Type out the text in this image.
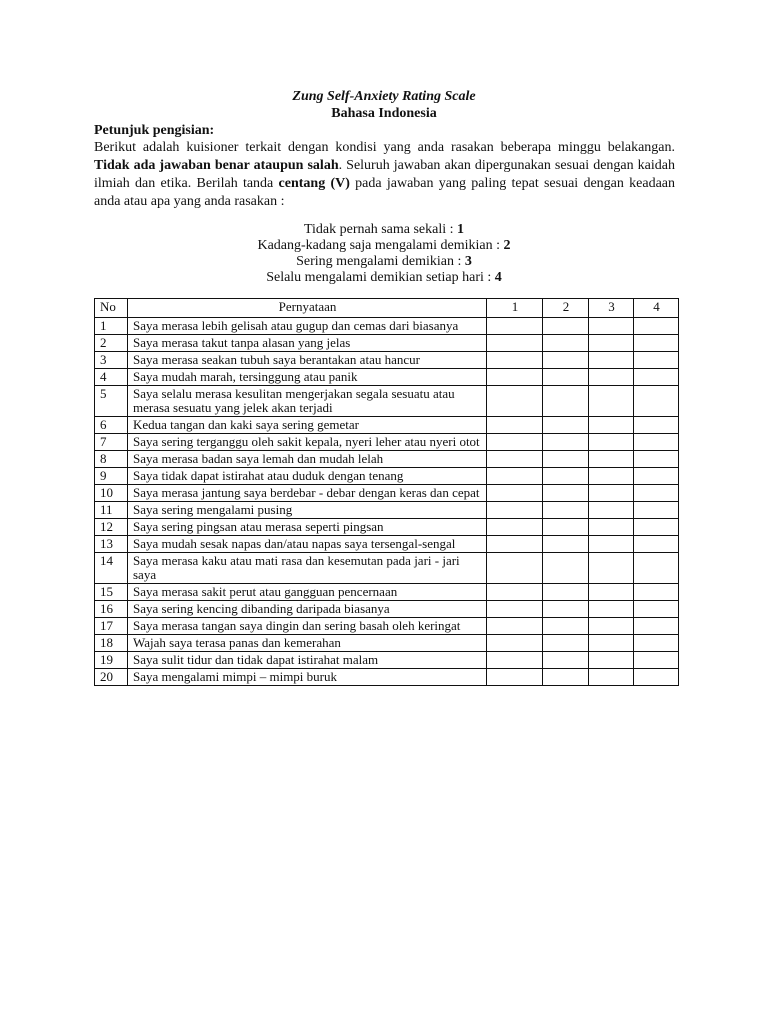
Zung Self-Anxiety Rating Scale
Bahasa Indonesia
Petunjuk pengisian:
Berikut adalah kuisioner terkait dengan kondisi yang anda rasakan beberapa minggu belakangan. Tidak ada jawaban benar ataupun salah. Seluruh jawaban akan dipergunakan sesuai dengan kaidah ilmiah dan etika. Berilah tanda centang (V) pada jawaban yang paling tepat sesuai dengan keadaan anda atau apa yang anda rasakan :
Tidak pernah sama sekali : 1
Kadang-kadang saja mengalami demikian : 2
Sering mengalami demikian : 3
Selalu mengalami demikian setiap hari : 4
No	Pernyataan	1	2	3	4
1	Saya merasa lebih gelisah atau gugup dan cemas dari biasanya				
2	Saya merasa takut tanpa alasan yang jelas				
3	Saya merasa seakan tubuh saya berantakan atau hancur				
4	Saya mudah marah, tersinggung atau panik				
5	Saya selalu merasa kesulitan mengerjakan segala sesuatu atau merasa sesuatu yang jelek akan terjadi				
6	Kedua tangan dan kaki saya sering gemetar				
7	Saya sering terganggu oleh sakit kepala, nyeri leher atau nyeri otot				
8	Saya merasa badan saya lemah dan mudah lelah				
9	Saya tidak dapat istirahat atau duduk dengan tenang				
10	Saya merasa jantung saya berdebar - debar dengan keras dan cepat				
11	Saya sering mengalami pusing				
12	Saya sering pingsan atau merasa seperti pingsan				
13	Saya mudah sesak napas dan/atau napas saya tersengal-sengal				
14	Saya merasa kaku atau mati rasa dan kesemutan pada jari - jari saya				
15	Saya merasa sakit perut atau gangguan pencernaan				
16	Saya sering kencing dibanding daripada biasanya				
17	Saya merasa tangan saya dingin dan sering basah oleh keringat				
18	Wajah saya terasa panas dan kemerahan				
19	Saya sulit tidur dan tidak dapat istirahat malam				
20	Saya mengalami mimpi – mimpi buruk				
